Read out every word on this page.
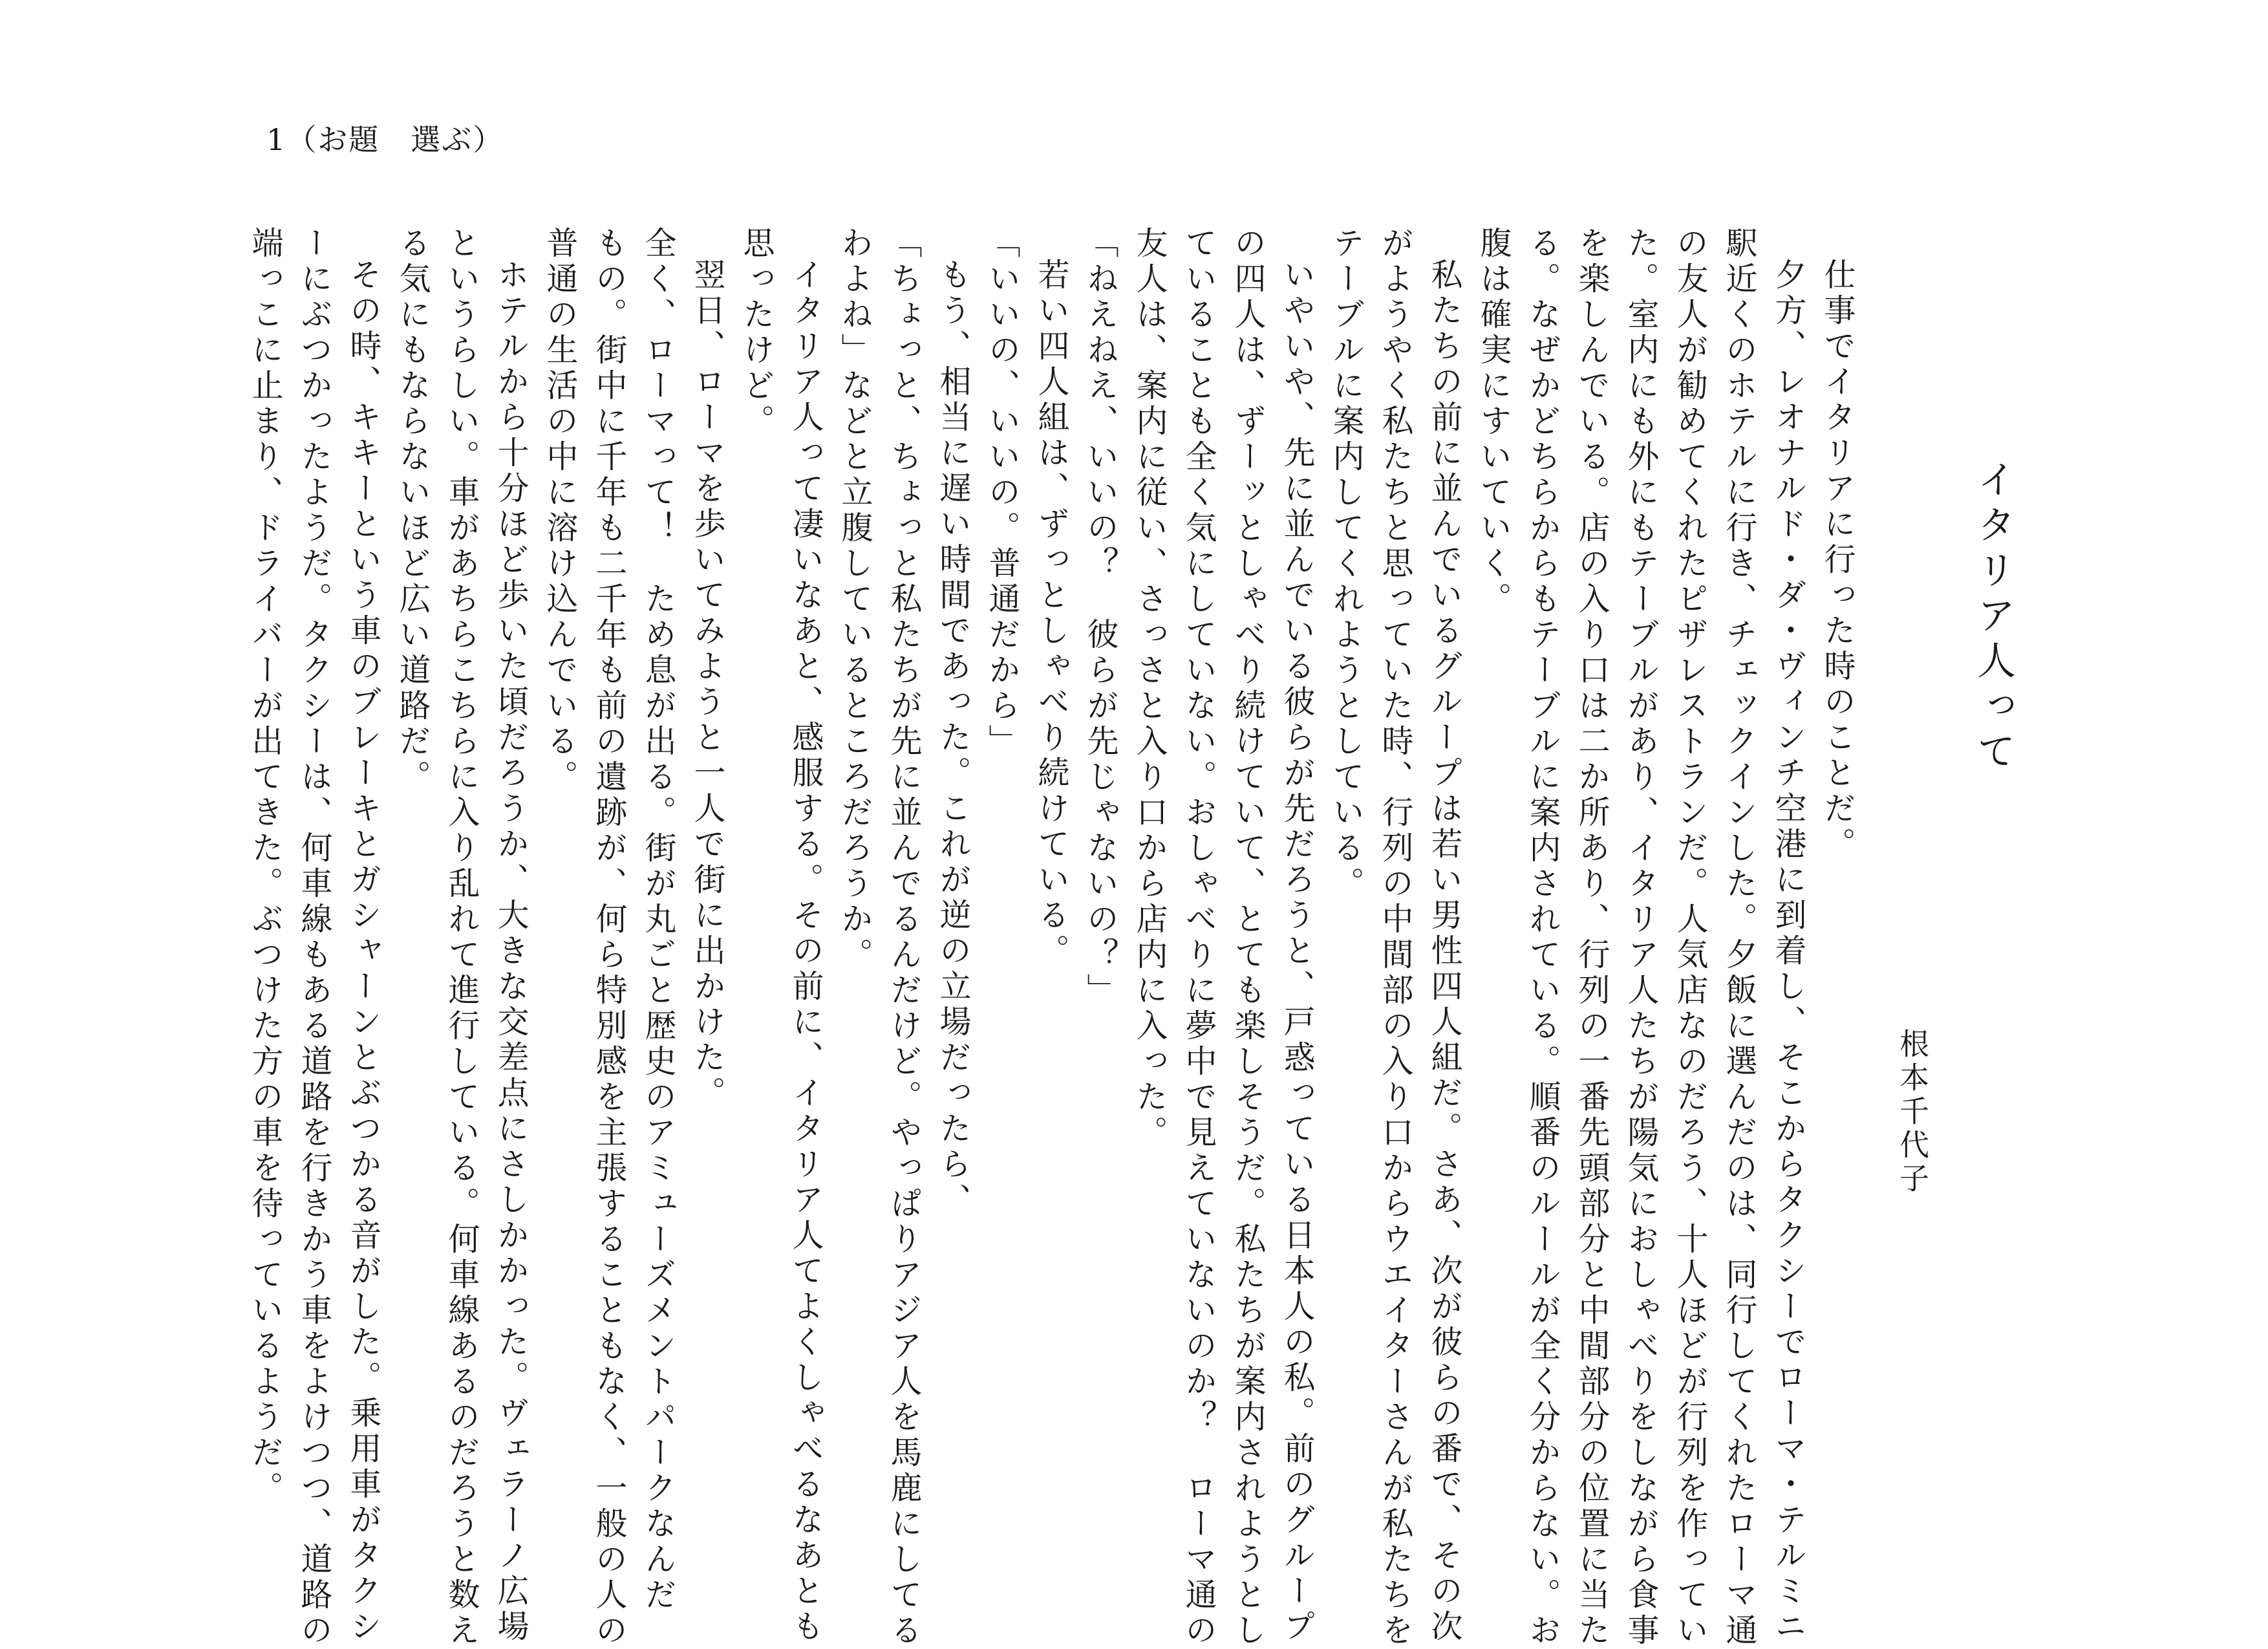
1（お題　選ぶ）
イタリア人って
根本千代子
仕事でイタリアに行った時のことだ。
夕方、レオナルド・ダ・ヴィンチ空港に到着し、そこからタクシーでローマ・テルミニ
駅近くのホテルに行き、チェックインした。夕飯に選んだのは、同行してくれたローマ通
の友人が勧めてくれたピザレストランだ。人気店なのだろう、十人ほどが行列を作ってい
た。室内にも外にもテーブルがあり、イタリア人たちが陽気におしゃべりをしながら食事
を楽しんでいる。店の入り口は二か所あり、行列の一番先頭部分と中間部分の位置に当た
る。なぜかどちらからもテーブルに案内されている。順番のルールが全く分からない。お
腹は確実にすいていく。
私たちの前に並んでいるグループは若い男性四人組だ。さあ、次が彼らの番で、その次
がようやく私たちと思っていた時、行列の中間部の入り口からウエイターさんが私たちを
テーブルに案内してくれようとしている。
いやいや、先に並んでいる彼らが先だろうと、戸惑っている日本人の私。前のグループ
の四人は、ずーッとしゃべり続けていて、とても楽しそうだ。私たちが案内されようとし
ていることも全く気にしていない。おしゃべりに夢中で見えていないのか？　ローマ通の
友人は、案内に従い、さっさと入り口から店内に入った。
「ねえねえ、いいの？　彼らが先じゃないの？」
若い四人組は、ずっとしゃべり続けている。
「いいの、いいの。普通だから」
もう、相当に遅い時間であった。これが逆の立場だったら、
「ちょっと、ちょっと私たちが先に並んでるんだけど。やっぱりアジア人を馬鹿にしてる
わよね」などと立腹しているところだろうか。
イタリア人って凄いなあと、感服する。その前に、イタリア人てよくしゃべるなあとも
思ったけど。
翌日、ローマを歩いてみようと一人で街に出かけた。
全く、ローマって！　ため息が出る。街が丸ごと歴史のアミューズメントパークなんだ
もの。街中に千年も二千年も前の遺跡が、何ら特別感を主張することもなく、一般の人の
普通の生活の中に溶け込んでいる。
ホテルから十分ほど歩いた頃だろうか、大きな交差点にさしかかった。ヴェラーノ広場
というらしい。車があちらこちらに入り乱れて進行している。何車線あるのだろうと数え
る気にもならないほど広い道路だ。
その時、キキーという車のブレーキとガシャーンとぶつかる音がした。乗用車がタクシ
ーにぶつかったようだ。タクシーは、何車線もある道路を行きかう車をよけつつ、道路の
端っこに止まり、ドライバーが出てきた。ぶつけた方の車を待っているようだ。
